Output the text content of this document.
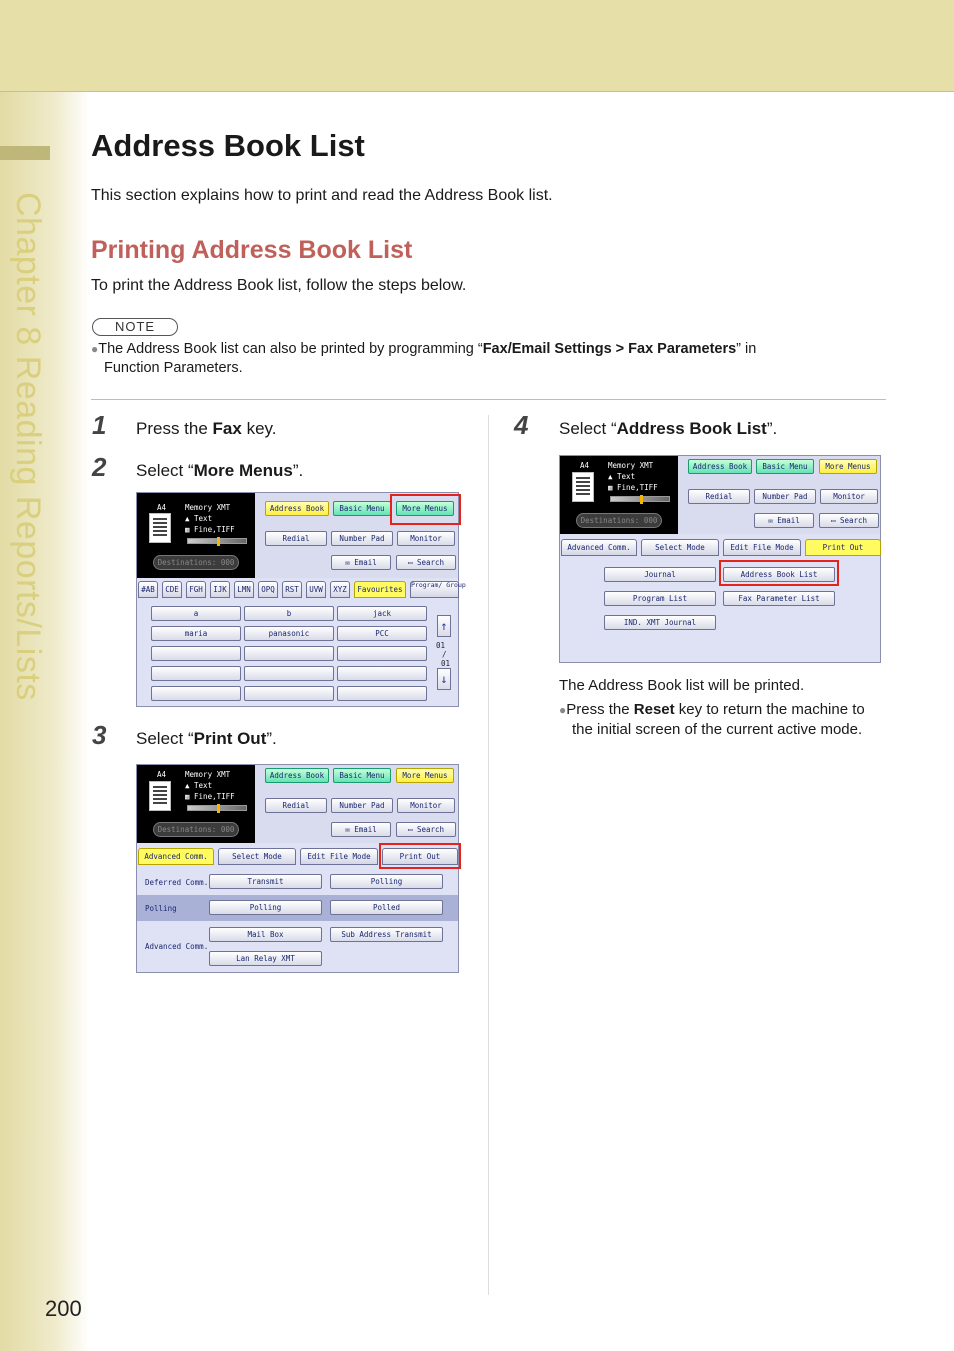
Chapter 8 Reading Reports/Lists
Address Book List

This section explains how to print and read the Address Book list.

Printing Address Book List

To print the Address Book list, follow the steps below.

NOTE
●The Address Book list can also be printed by programming “Fax/Email Settings > Fax Parameters” in
Function Parameters.
1 Press the Fax key.
2 Select “More Menus”.
3 Select “Print Out”.
4 Select “Address Book List”.
A4	Memory XMT
▲ Text
▦ Fine,TIFF
Destinations: 000
Address Book	Basic Menu	More Menus
Redial	Number Pad	Monitor
✉ Email	▭ Search
#AB	CDE	FGH	IJK	LMN	OPQ	RST	UVW	XYZ	Favourites	Program/ Group
a	b	jack
maria	panasonic	PCC
↑
01
/
01
↓
A4	Memory XMT
▲ Text
▦ Fine,TIFF
Destinations: 000
Address Book	Basic Menu	More Menus
Redial	Number Pad	Monitor
✉ Email	▭ Search
Advanced Comm.	Select Mode	Edit File Mode	Print Out
Deferred Comm.	Transmit	Polling
Polling	Polling	Polled
Advanced Comm.
Mail Box	Sub Address Transmit
Lan Relay XMT
A4	Memory XMT
▲ Text
▦ Fine,TIFF
Destinations: 000
Address Book	Basic Menu	More Menus
Redial	Number Pad	Monitor
✉ Email	▭ Search
Advanced Comm.	Select Mode	Edit File Mode	Print Out
Journal	Address Book List
Program List	Fax Parameter List
IND. XMT Journal
The Address Book list will be printed.
●Press the Reset key to return the machine to the initial screen of the current active mode.
200
